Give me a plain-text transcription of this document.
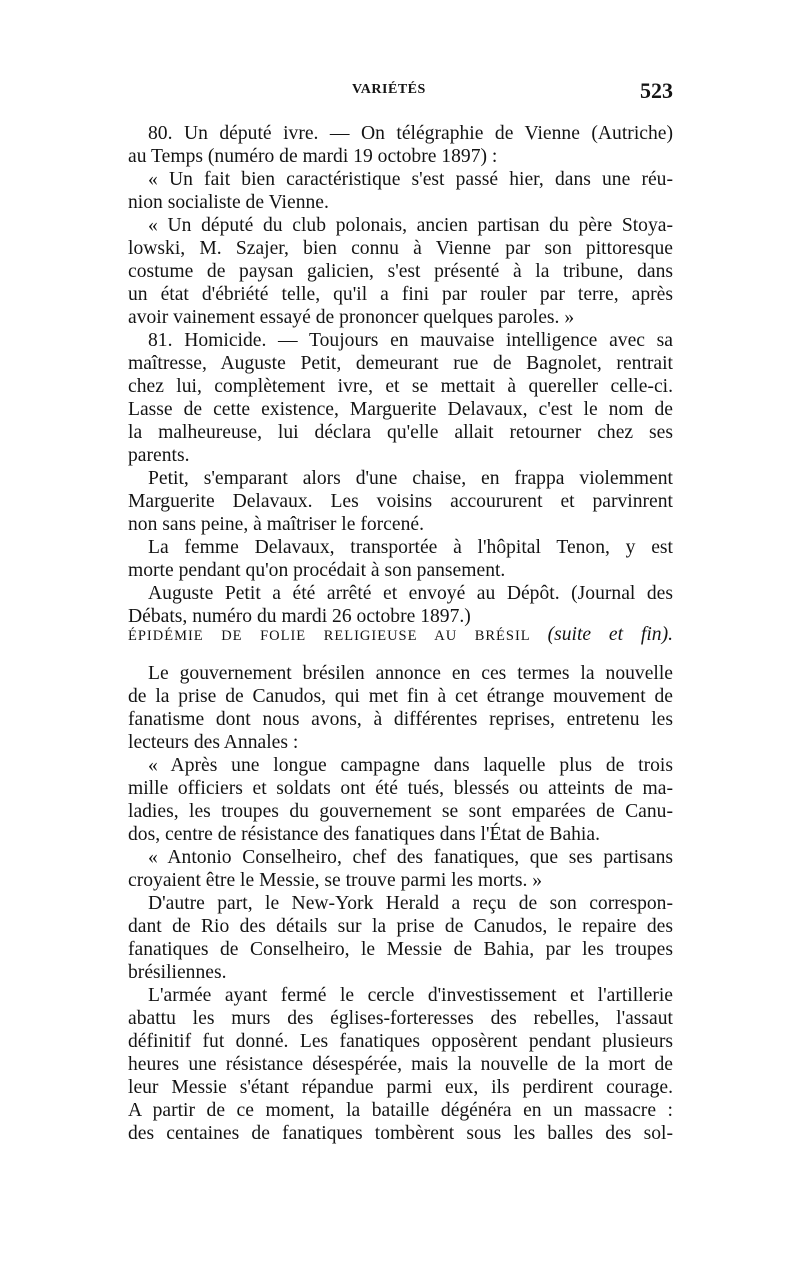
VARIÉTÉS	523
80. Un député ivre. — On télégraphie de Vienne (Autriche)
au Temps (numéro de mardi 19 octobre 1897) :
« Un fait bien caractéristique s'est passé hier, dans une réu-
nion socialiste de Vienne.
« Un député du club polonais, ancien partisan du père Stoya-
lowski, M. Szajer, bien connu à Vienne par son pittoresque
costume de paysan galicien, s'est présenté à la tribune, dans
un état d'ébriété telle, qu'il a fini par rouler par terre, après
avoir vainement essayé de prononcer quelques paroles. »
81. Homicide. — Toujours en mauvaise intelligence avec sa
maîtresse, Auguste Petit, demeurant rue de Bagnolet, rentrait
chez lui, complètement ivre, et se mettait à quereller celle-ci.
Lasse de cette existence, Marguerite Delavaux, c'est le nom de
la malheureuse, lui déclara qu'elle allait retourner chez ses
parents.
Petit, s'emparant alors d'une chaise, en frappa violemment
Marguerite Delavaux. Les voisins accoururent et parvinrent
non sans peine, à maîtriser le forcené.
La femme Delavaux, transportée à l'hôpital Tenon, y est
morte pendant qu'on procédait à son pansement.
Auguste Petit a été arrêté et envoyé au Dépôt. (Journal des
Débats, numéro du mardi 26 octobre 1897.)
ÉPIDÉMIE DE FOLIE RELIGIEUSE AU BRÉSIL (suite et fin).
Le gouvernement brésilen annonce en ces termes la nouvelle
de la prise de Canudos, qui met fin à cet étrange mouvement de
fanatisme dont nous avons, à différentes reprises, entretenu les
lecteurs des Annales :
« Après une longue campagne dans laquelle plus de trois
mille officiers et soldats ont été tués, blessés ou atteints de ma-
ladies, les troupes du gouvernement se sont emparées de Canu-
dos, centre de résistance des fanatiques dans l'État de Bahia.
« Antonio Conselheiro, chef des fanatiques, que ses partisans
croyaient être le Messie, se trouve parmi les morts. »
D'autre part, le New-York Herald a reçu de son correspon-
dant de Rio des détails sur la prise de Canudos, le repaire des
fanatiques de Conselheiro, le Messie de Bahia, par les troupes
brésiliennes.
L'armée ayant fermé le cercle d'investissement et l'artillerie
abattu les murs des églises-forteresses des rebelles, l'assaut
définitif fut donné. Les fanatiques opposèrent pendant plusieurs
heures une résistance désespérée, mais la nouvelle de la mort de
leur Messie s'étant répandue parmi eux, ils perdirent courage.
A partir de ce moment, la bataille dégénéra en un massacre :
des centaines de fanatiques tombèrent sous les balles des sol-
